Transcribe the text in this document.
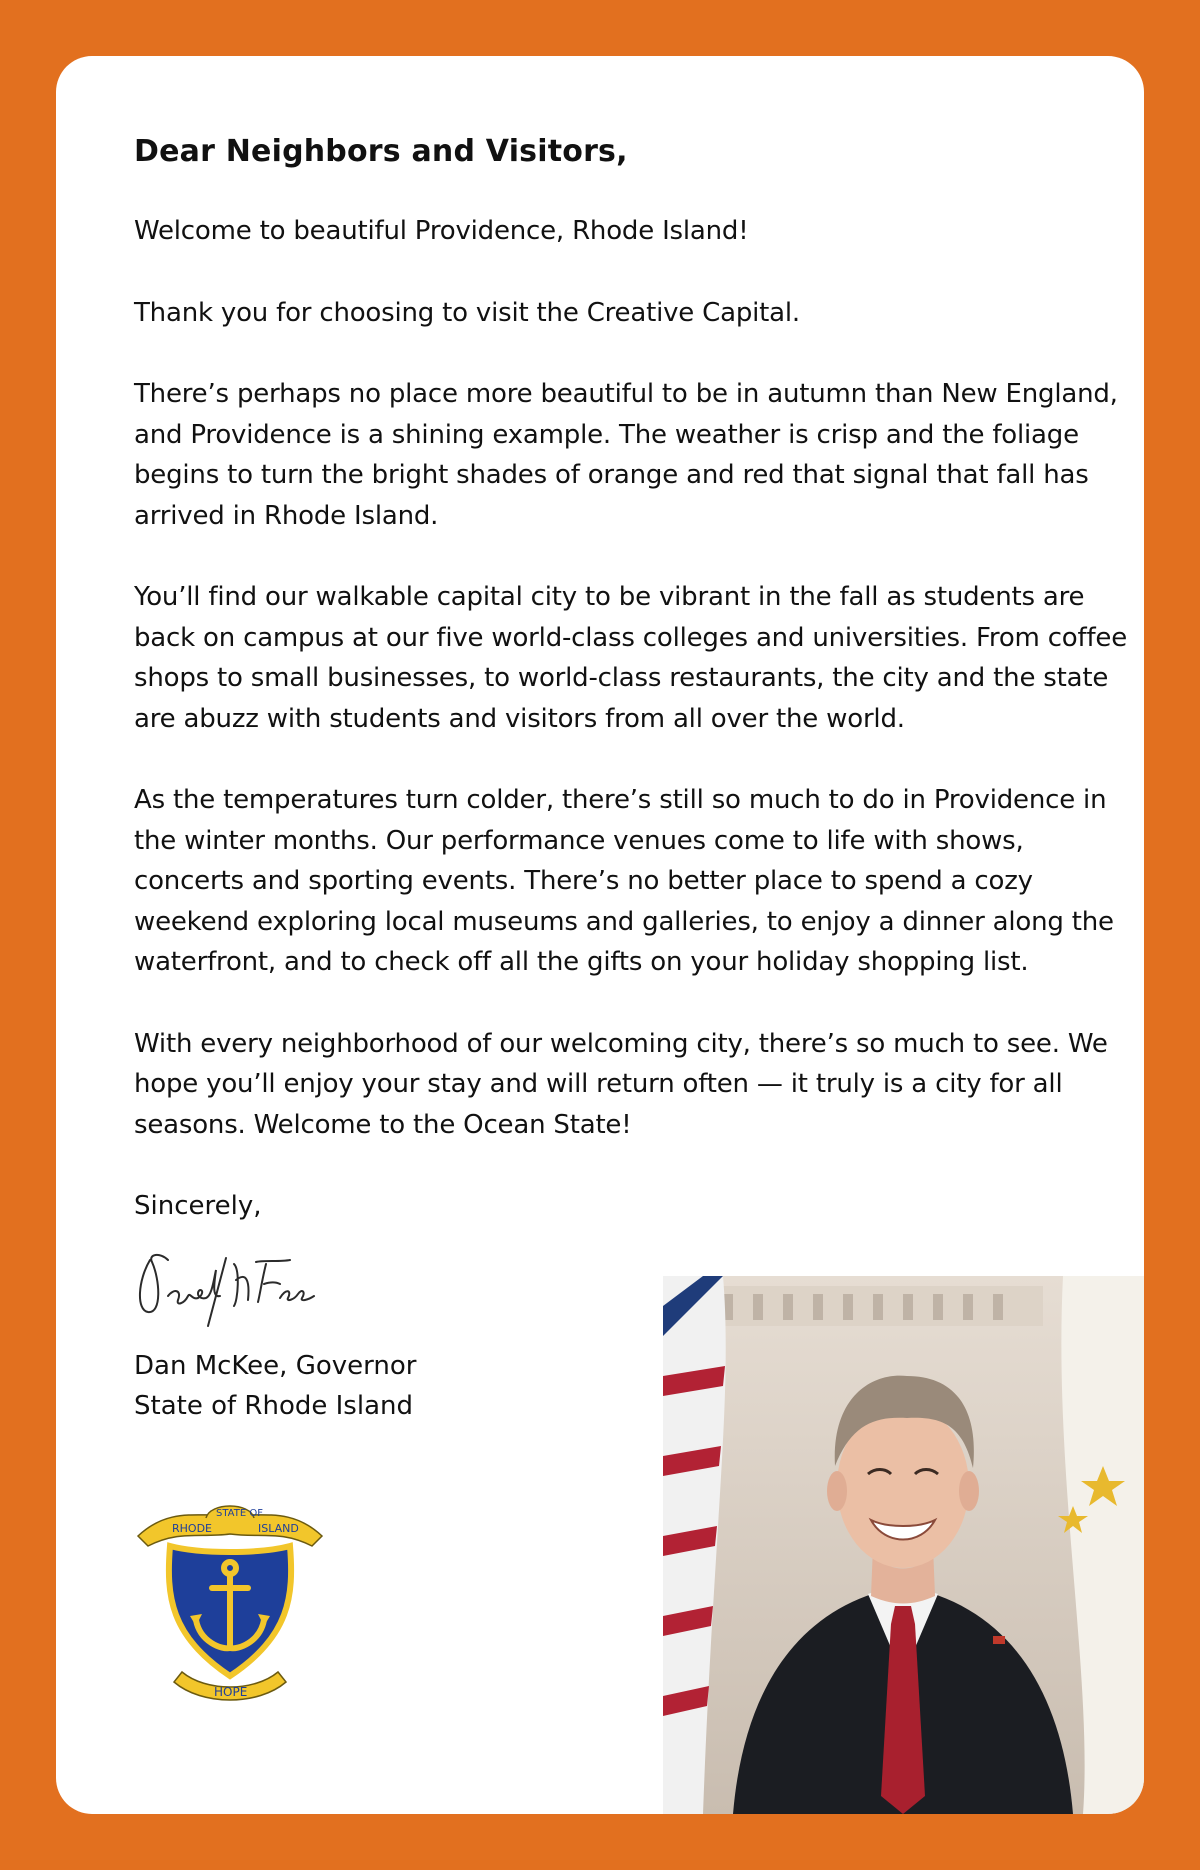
Dear Neighbors and Visitors,

Welcome to beautiful Providence, Rhode Island!

Thank you for choosing to visit the Creative Capital.

There’s perhaps no place more beautiful to be in autumn than New England, and Providence is a shining example. The weather is crisp and the foliage begins to turn the bright shades of orange and red that signal that fall has arrived in Rhode Island.

You’ll find our walkable capital city to be vibrant in the fall as students are back on campus at our five world-class colleges and universities. From coffee shops to small businesses, to world-class restaurants, the city and the state are abuzz with students and visitors from all over the world.

As the temperatures turn colder, there’s still so much to do in Providence in the winter months. Our performance venues come to life with shows, concerts and sporting events. There’s no better place to spend a cozy weekend exploring local museums and galleries, to enjoy a dinner along the waterfront, and to check off all the gifts on your holiday shopping list.

With every neighborhood of our welcoming city, there’s so much to see. We hope you’ll enjoy your stay and will return often — it truly is a city for all seasons. Welcome to the Ocean State!

Sincerely,
Dan McKee, Governor
State of Rhode Island
RHODE
STATE OF
ISLAND
HOPE
